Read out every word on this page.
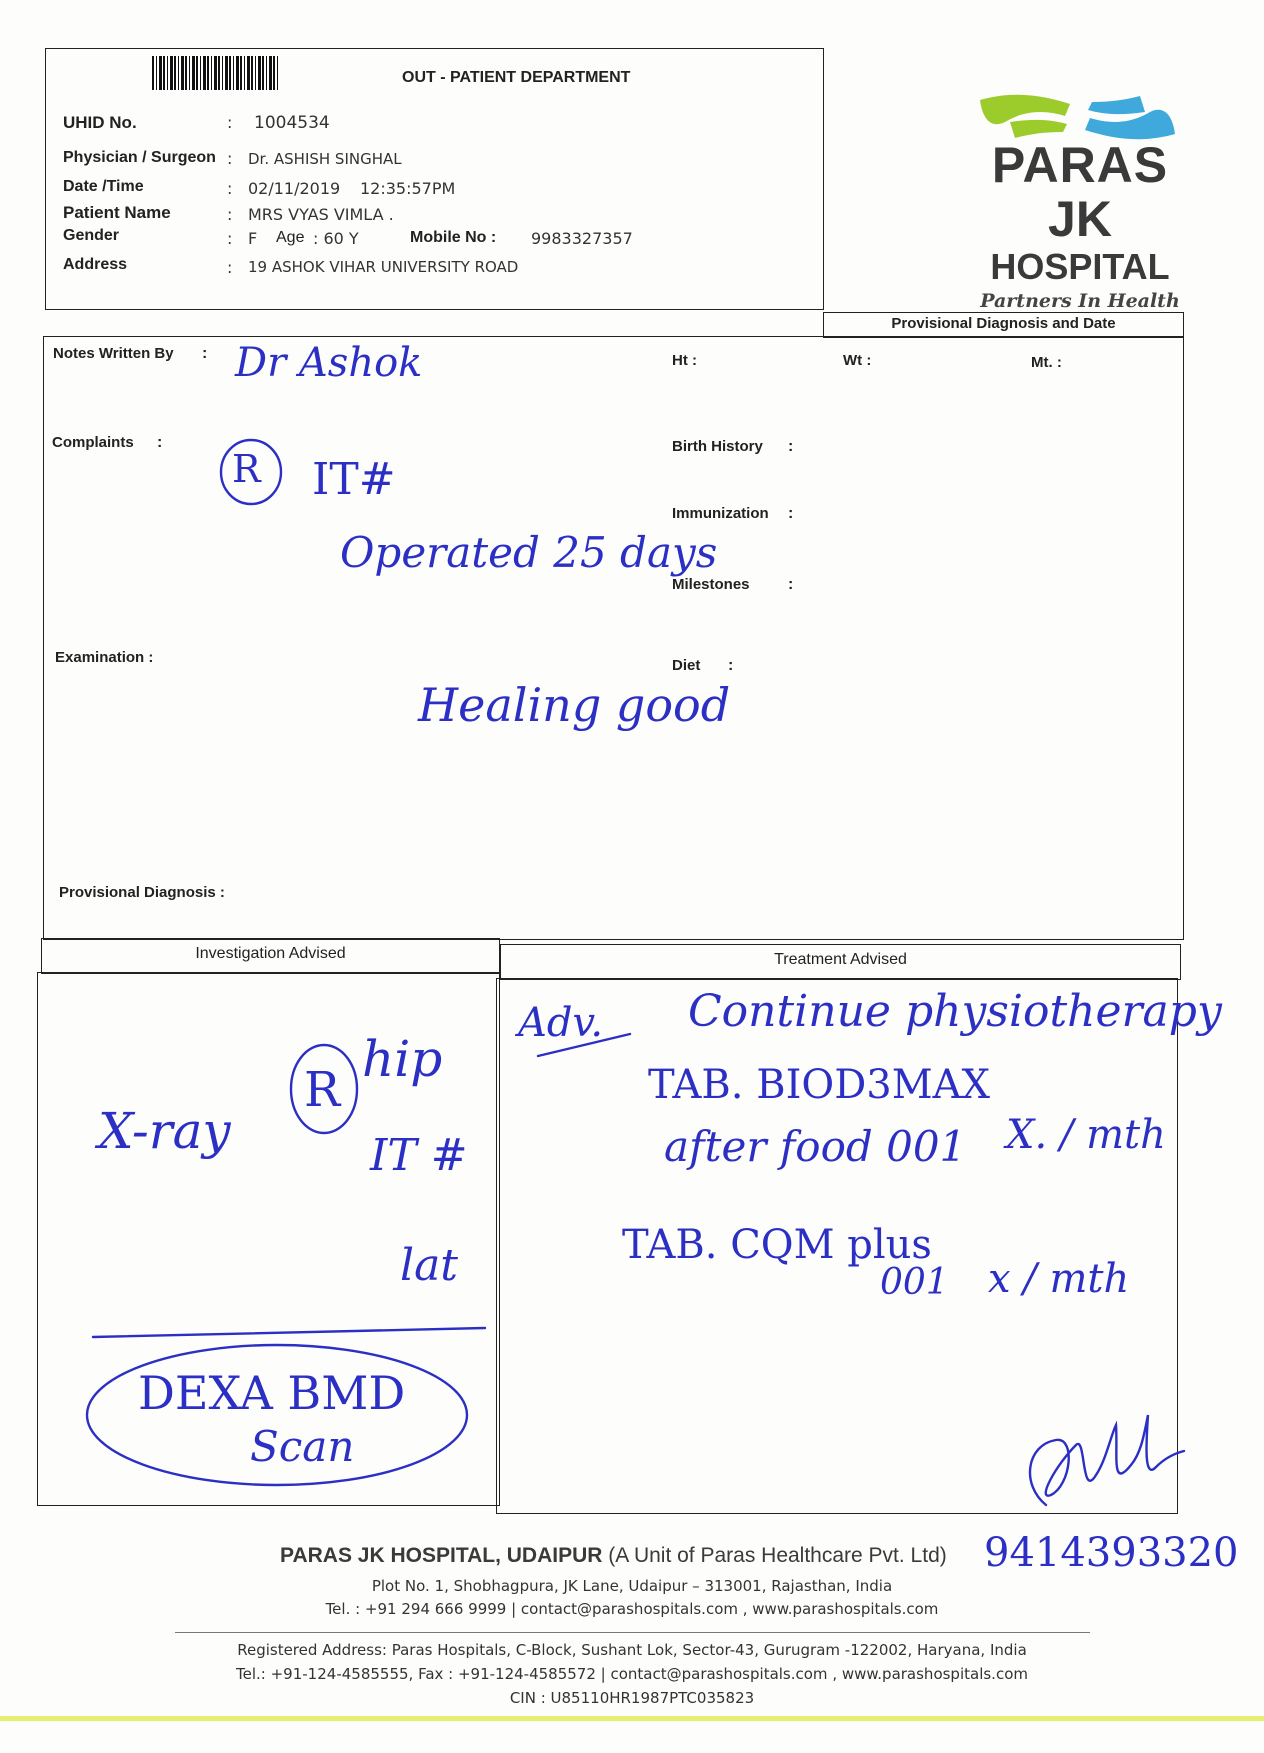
OUT - PATIENT DEPARTMENT
UHID No.	: 1004534
Physician / Surgeon : Dr. ASHISH SINGHAL
Date /Time	: 02/11/2019 12:35:57PM
Patient Name	: MRS VYAS VIMLA .
Gender	: F Age : 60 Y	Mobile No : 9983327357
Address	: 19 ASHOK VIHAR UNIVERSITY ROAD
PARAS
JK
HOSPITAL
Partners In Health
Provisional Diagnosis and Date
Notes Written By :	Ht :	Wt :	Mt. :
Complaints :	Birth History :
Immunization :
Milestones :
Examination :	Diet :
Provisional Diagnosis :
Dr Ashok
R IT#
Operated 25 days
Healing good
Investigation Advised	Treatment Advised
X-ray
R
hip
IT #
lat
DEXA BMD
Scan
Adv. Continue physiotherapy
TAB. BIOD3MAX
after food 001 X. / mth
TAB. CQM plus
001 x / mth
9414393320
PARAS JK HOSPITAL, UDAIPUR (A Unit of Paras Healthcare Pvt. Ltd)
Plot No. 1, Shobhagpura, JK Lane, Udaipur – 313001, Rajasthan, India
Tel. : +91 294 666 9999 | contact@parashospitals.com , www.parashospitals.com
Registered Address: Paras Hospitals, C-Block, Sushant Lok, Sector-43, Gurugram -122002, Haryana, India
Tel.: +91-124-4585555, Fax : +91-124-4585572 | contact@parashospitals.com , www.parashospitals.com
CIN : U85110HR1987PTC035823
